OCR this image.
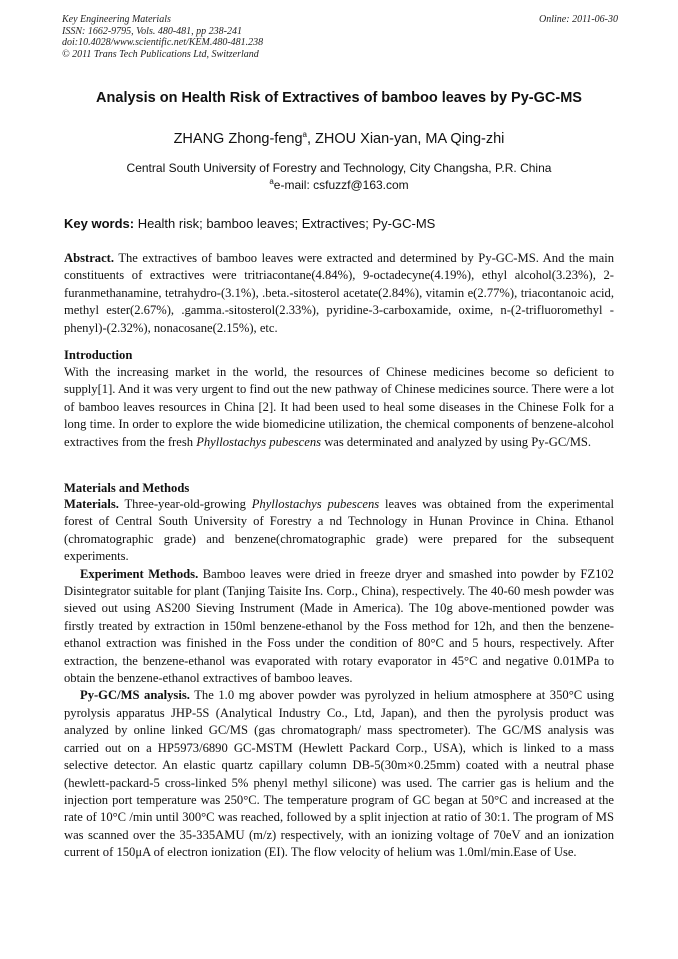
Key Engineering Materials
ISSN: 1662-9795, Vols. 480-481, pp 238-241
doi:10.4028/www.scientific.net/KEM.480-481.238
© 2011 Trans Tech Publications Ltd, Switzerland
Online: 2011-06-30
Analysis on Health Risk of Extractives of bamboo leaves by Py-GC-MS
ZHANG Zhong-feng$^a$, ZHOU Xian-yan, MA Qing-zhi
Central South University of Forestry and Technology, City Changsha, P.R. China
$^a$e-mail: csfuzzf@163.com
Key words: Health risk; bamboo leaves; Extractives; Py-GC-MS

Abstract. The extractives of bamboo leaves were extracted and determined by Py-GC-MS. And the main constituents of extractives were tritriacontane(4.84%), 9-octadecyne(4.19%), ethyl alcohol(3.23%), 2-furanmethanamine, tetrahydro-(3.1%), .beta.-sitosterol acetate(2.84%), vitamin e(2.77%), triacontanoic acid, methyl ester(2.67%), .gamma.-sitosterol(2.33%), pyridine-3-carboxamide, oxime, n-(2-trifluoromethyl -phenyl)-(2.32%), nonacosane(2.15%), etc.

Introduction

With the increasing market in the world, the resources of Chinese medicines become so deficient to supply[1]. And it was very urgent to find out the new pathway of Chinese medicines source. There were a lot of bamboo leaves resources in China [2]. It had been used to heal some diseases in the Chinese Folk for a long time. In order to explore the wide biomedicine utilization, the chemical components of benzene-alcohol extractives from the fresh Phyllostachys pubescens was determinated and analyzed by using Py-GC/MS.

Materials and Methods

Materials. Three-year-old-growing Phyllostachys pubescens leaves was obtained from the experimental forest of Central South University of Forestry a nd Technology in Hunan Province in China. Ethanol (chromatographic grade) and benzene(chromatographic grade) were prepared for the subsequent experiments.

Experiment Methods. Bamboo leaves were dried in freeze dryer and smashed into powder by FZ102 Disintegrator suitable for plant (Tanjing Taisite Ins. Corp., China), respectively. The 40-60 mesh powder was sieved out using AS200 Sieving Instrument (Made in America). The 10g above-mentioned powder was firstly treated by extraction in 150ml benzene-ethanol by the Foss method for 12h, and then the benzene-ethanol extraction was finished in the Foss under the condition of 80°C and 5 hours, respectively. After extraction, the benzene-ethanol was evaporated with rotary evaporator in 45°C and negative 0.01MPa to obtain the benzene-ethanol extractives of bamboo leaves.

Py-GC/MS analysis. The 1.0 mg abover powder was pyrolyzed in helium atmosphere at 350°C using pyrolysis apparatus JHP-5S (Analytical Industry Co., Ltd, Japan), and then the pyrolysis product was analyzed by online linked GC/MS (gas chromatograph/ mass spectrometer). The GC/MS analysis was carried out on a HP5973/6890 GC-MSTM (Hewlett Packard Corp., USA), which is linked to a mass selective detector. An elastic quartz capillary column DB-5(30m×0.25mm) coated with a neutral phase (hewlett-packard-5 cross-linked 5% phenyl methyl silicone) was used. The carrier gas is helium and the injection port temperature was 250°C. The temperature program of GC began at 50°C and increased at the rate of 10°C /min until 300°C was reached, followed by a split injection at ratio of 30:1. The program of MS was scanned over the 35-335AMU (m/z) respectively, with an ionizing voltage of 70eV and an ionization current of 150μA of electron ionization (EI). The flow velocity of helium was 1.0ml/min.Ease of Use.
